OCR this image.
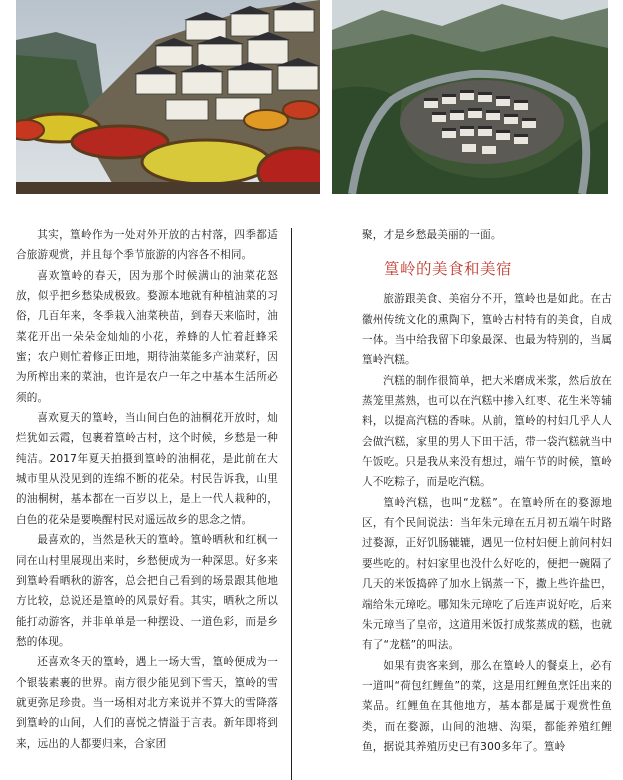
其实，篁岭作为一处对外开放的古村落，四季都适合旅游观赏，并且每个季节旅游的内容各不相同。

喜欢篁岭的春天，因为那个时候满山的油菜花怒放，似乎把乡愁染成极致。婺源本地就有种植油菜的习俗，几百年来，冬季栽入油菜秧苗，到春天来临时，油菜花开出一朵朵金灿灿的小花，养蜂的人忙着赶蜂采蜜；农户则忙着修正田地，期待油菜能多产油菜籽，因为所榨出来的菜油，也许是农户一年之中基本生活所必须的。

喜欢夏天的篁岭，当山间白色的油桐花开放时，灿烂犹如云霞，包裹着篁岭古村，这个时候，乡愁是一种纯洁。2017年夏天拍摄到篁岭的油桐花，是此前在大城市里从没见到的连绵不断的花朵。村民告诉我，山里的油桐树，基本都在一百岁以上，是上一代人栽种的，白色的花朵是要唤醒村民对遥远故乡的思念之情。

最喜欢的，当然是秋天的篁岭。篁岭晒秋和红枫一同在山村里展现出来时，乡愁便成为一种深思。好多来到篁岭看晒秋的游客，总会把自己看到的场景跟其他地方比较，总说还是篁岭的风景好看。其实，晒秋之所以能打动游客，并非单单是一种摆设、一道色彩，而是乡愁的体现。

还喜欢冬天的篁岭，遇上一场大雪，篁岭便成为一个银装素裹的世界。南方很少能见到下雪天，篁岭的雪就更弥足珍贵。当一场相对北方来说并不算大的雪降落到篁岭的山间，人们的喜悦之情溢于言表。新年即将到来，远出的人都要归来，合家团

聚，才是乡愁最美丽的一面。

篁岭的美食和美宿

旅游跟美食、美宿分不开，篁岭也是如此。在古徽州传统文化的熏陶下，篁岭古村特有的美食，自成一体。当中给我留下印象最深、也最为特别的，当属篁岭汽糕。

汽糕的制作很简单，把大米磨成米浆，然后放在蒸笼里蒸熟，也可以在汽糕中掺入红枣、花生米等辅料，以提高汽糕的香味。从前，篁岭的村妇几乎人人会做汽糕，家里的男人下田干活，带一袋汽糕就当中午饭吃。只是我从来没有想过，端午节的时候，篁岭人不吃粽子，而是吃汽糕。

篁岭汽糕，也叫“龙糕”。在篁岭所在的婺源地区，有个民间说法：当年朱元璋在五月初五端午时路过婺源，正好饥肠辘辘，遇见一位村妇便上前问村妇要些吃的。村妇家里也没什么好吃的，便把一碗隔了几天的米饭捣碎了加水上锅蒸一下，撒上些许盐巴，端给朱元璋吃。哪知朱元璋吃了后连声说好吃，后来朱元璋当了皇帝，这道用米饭打成浆蒸成的糕，也就有了“龙糕”的叫法。

如果有贵客来到，那么在篁岭人的餐桌上，必有一道叫“荷包红鲤鱼”的菜，这是用红鲤鱼烹饪出来的菜品。红鲤鱼在其他地方，基本都是属于观赏性鱼类，而在婺源，山间的池塘、沟渠，都能养殖红鲤鱼，据说其养殖历史已有300多年了。篁岭
